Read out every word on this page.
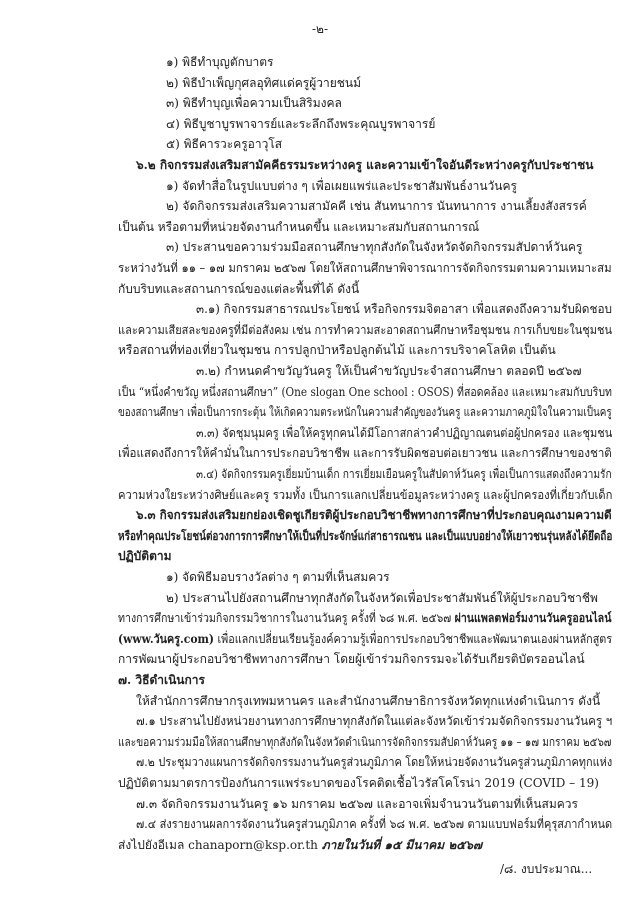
-๒-
๑) พิธีทำบุญตักบาตร
๒) พิธีบำเพ็ญกุศลอุทิศแด่ครูผู้วายชนม์
๓) พิธีทำบุญเพื่อความเป็นสิริมงคล
๔) พิธีบูชาบูรพาจารย์และระลึกถึงพระคุณบูรพาจารย์
๕) พิธีคารวะครูอาวุโส
๖.๒ กิจกรรมส่งเสริมสามัคคีธรรมระหว่างครู และความเข้าใจอันดีระหว่างครูกับประชาชน
๑) จัดทำสื่อในรูปแบบต่าง ๆ เพื่อเผยแพร่และประชาสัมพันธ์งานวันครู
๒) จัดกิจกรรมส่งเสริมความสามัคคี เช่น สันทนาการ นันทนาการ งานเลี้ยงสังสรรค์
เป็นต้น หรือตามที่หน่วยจัดงานกำหนดขึ้น และเหมาะสมกับสถานการณ์
๓) ประสานขอความร่วมมือสถานศึกษาทุกสังกัดในจังหวัดจัดกิจกรรมสัปดาห์วันครู
ระหว่างวันที่ ๑๑ – ๑๗ มกราคม ๒๕๖๗ โดยให้สถานศึกษาพิจารณาการจัดกิจกรรมตามความเหมาะสม
กับบริบทและสถานการณ์ของแต่ละพื้นที่ได้ ดังนี้
๓.๑) กิจกรรมสาธารณประโยชน์ หรือกิจกรรมจิตอาสา เพื่อแสดงถึงความรับผิดชอบ
และความเสียสละของครูที่มีต่อสังคม เช่น การทำความสะอาดสถานศึกษาหรือชุมชน การเก็บขยะในชุมชน
หรือสถานที่ท่องเที่ยวในชุมชน การปลูกป่าหรือปลูกต้นไม้ และการบริจาคโลหิต เป็นต้น
๓.๒) กำหนดคำขวัญวันครู ให้เป็นคำขวัญประจำสถานศึกษา ตลอดปี ๒๕๖๗
เป็น “หนึ่งคำขวัญ หนึ่งสถานศึกษา” (One slogan One school : OSOS) ที่สอดคล้อง และเหมาะสมกับบริบท
ของสถานศึกษา เพื่อเป็นการกระตุ้น ให้เกิดความตระหนักในความสำคัญของวันครู และความภาคภูมิใจในความเป็นครู
๓.๓) จัดชุมนุมครู เพื่อให้ครูทุกคนได้มีโอกาสกล่าวคำปฏิญาณตนต่อผู้ปกครอง และชุมชน
เพื่อแสดงถึงการให้คำมั่นในการประกอบวิชาชีพ และการรับผิดชอบต่อเยาวชน และการศึกษาของชาติ
๓.๔) จัดกิจกรรมครูเยี่ยมบ้านเด็ก การเยี่ยมเยือนครูในสัปดาห์วันครู เพื่อเป็นการแสดงถึงความรัก
ความห่วงใยระหว่างศิษย์และครู รวมทั้ง เป็นการแลกเปลี่ยนข้อมูลระหว่างครู และผู้ปกครองที่เกี่ยวกับเด็ก
๖.๓ กิจกรรมส่งเสริมยกย่องเชิดชูเกียรติผู้ประกอบวิชาชีพทางการศึกษาที่ประกอบคุณงามความดี
หรือทำคุณประโยชน์ต่อวงการการศึกษาให้เป็นที่ประจักษ์แก่สาธารณชน และเป็นแบบอย่างให้เยาวชนรุ่นหลังได้ยึดถือ
ปฏิบัติตาม
๑) จัดพิธีมอบรางวัลต่าง ๆ ตามที่เห็นสมควร
๒) ประสานไปยังสถานศึกษาทุกสังกัดในจังหวัดเพื่อประชาสัมพันธ์ให้ผู้ประกอบวิชาชีพ
ทางการศึกษาเข้าร่วมกิจกรรมวิชาการในงานวันครู ครั้งที่ ๖๘ พ.ศ. ๒๕๖๗ ผ่านแพลตฟอร์มงานวันครูออนไลน์
(www.วันครู.com) เพื่อแลกเปลี่ยนเรียนรู้องค์ความรู้เพื่อการประกอบวิชาชีพและพัฒนาตนเองผ่านหลักสูตร
การพัฒนาผู้ประกอบวิชาชีพทางการศึกษา โดยผู้เข้าร่วมกิจกรรมจะได้รับเกียรติบัตรออนไลน์
๗. วิธีดำเนินการ
ให้สำนักการศึกษากรุงเทพมหานคร และสำนักงานศึกษาธิการจังหวัดทุกแห่งดำเนินการ ดังนี้
๗.๑ ประสานไปยังหน่วยงานทางการศึกษาทุกสังกัดในแต่ละจังหวัดเข้าร่วมจัดกิจกรรมงานวันครู ฯ
และขอความร่วมมือให้สถานศึกษาทุกสังกัดในจังหวัดดำเนินการจัดกิจกรรมสัปดาห์วันครู ๑๑ – ๑๗ มกราคม ๒๕๖๗
๗.๒ ประชุมวางแผนการจัดกิจกรรมงานวันครูส่วนภูมิภาค โดยให้หน่วยจัดงานวันครูส่วนภูมิภาคทุกแห่ง
ปฏิบัติตามมาตรการป้องกันการแพร่ระบาดของโรคติดเชื้อไวรัสโคโรน่า 2019 (COVID – 19)
๗.๓ จัดกิจกรรมงานวันครู ๑๖ มกราคม ๒๕๖๗ และอาจเพิ่มจำนวนวันตามที่เห็นสมควร
๗.๔ ส่งรายงานผลการจัดงานวันครูส่วนภูมิภาค ครั้งที่ ๖๘ พ.ศ. ๒๕๖๗ ตามแบบฟอร์มที่คุรุสภากำหนด
ส่งไปยังอีเมล chanaporn@ksp.or.th ภายในวันที่ ๑๕ มีนาคม ๒๕๖๗
/๘. งบประมาณ...
